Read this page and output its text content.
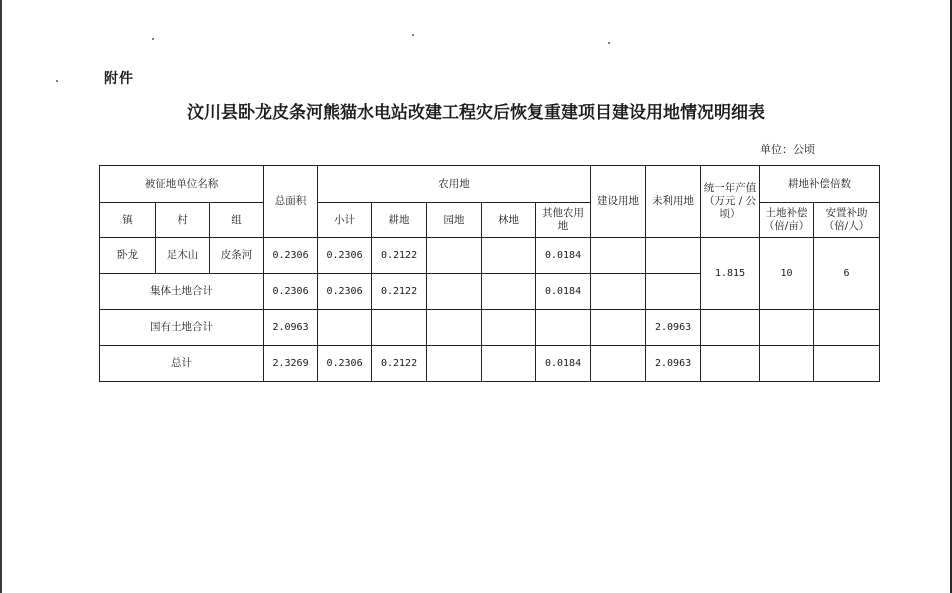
附件
汶川县卧龙皮条河熊猫水电站改建工程灾后恢复重建项目建设用地情况明细表
单位：公顷
被征地单位名称			总面积	农用地					建设用地	未利用地	统一年产值（万元 / 公顷）	耕地补偿倍数	
镇	村	组		小计	耕地	园地	林地	其他农用地				土地补偿（倍/亩）	安置补助（倍/人）
卧龙	足木山	皮条河	0.2306	0.2306	0.2122			0.0184			1.815	10	6
集体土地合计			0.2306	0.2306	0.2122			0.0184					
国有土地合计			2.0963							2.0963			
总计			2.3269	0.2306	0.2122			0.0184		2.0963			
